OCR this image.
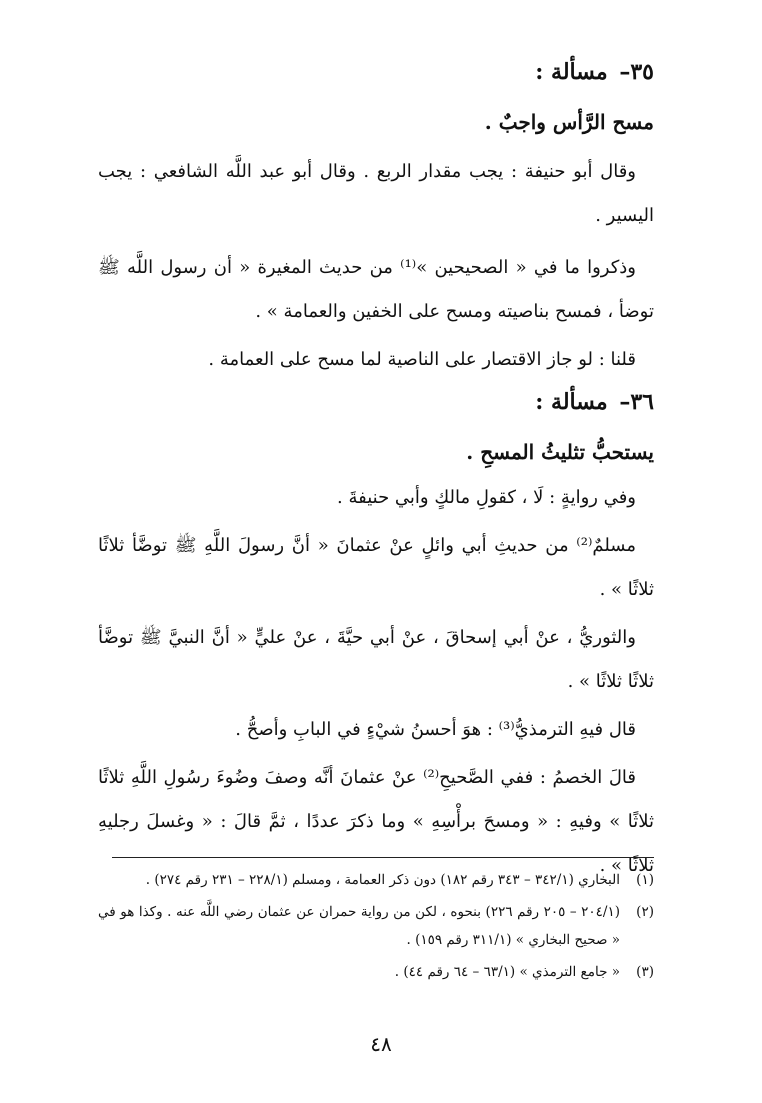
٣٥– مسألة :
مسح الرَّأس واجبٌ .

وقال أبو حنيفة : يجب مقدار الربع . وقال أبو عبد اللَّه الشافعي : يجب اليسير .

وذكروا ما في « الصحيحين »⁽¹⁾ من حديث المغيرة « أن رسول اللَّه ﷺ توضأ ، فمسح بناصيته ومسح على الخفين والعمامة » .

قلنا : لو جاز الاقتصار على الناصية لما مسح على العمامة .

٣٦– مسألة :
يستحبُّ تثليثُ المسحِ .

وفي روايةٍ : لَا ، كقولِ مالكٍ وأبي حنيفةَ .

مسلمٌ⁽²⁾ من حديثِ أبي وائلٍ عنْ عثمانَ « أنَّ رسولَ اللَّهِ ﷺ توضَّأ ثلاثًا ثلاثًا » .

والثوريُّ ، عنْ أبي إسحاقَ ، عنْ أبي حيَّةَ ، عنْ عليٍّ « أنَّ النبيَّ ﷺ توضَّأ ثلاثًا ثلاثًا » .

قال فيهِ الترمذيُّ⁽³⁾ : هوَ أحسنُ شيْءٍ في البابِ وأصحُّ .

قالَ الخصمُ : ففي الصَّحيحِ⁽²⁾ عنْ عثمانَ أنَّه وصفَ وضُوءَ رسُولِ اللَّهِ ثلاثًا ثلاثًا » وفيهِ : « ومسحَ برأْسِهِ » وما ذكرَ عددًا ، ثمَّ قالَ : « وغسلَ رجليهِ ثلاثًا » .

(١)
البخاري (٣٤٢/١ – ٣٤٣ رقم ١٨٢) دون ذكر العمامة ، ومسلم (٢٢٨/١ – ٢٣١ رقم ٢٧٤) .
(٢)
(٢٠٤/١ – ٢٠٥ رقم ٢٢٦) بنحوه ، لكن من رواية حمران عن عثمان رضي اللَّه عنه . وكذا هو في « صحيح البخاري » (٣١١/١ رقم ١٥٩) .
(٣)
« جامع الترمذي » (٦٣/١ – ٦٤ رقم ٤٤) .
٤٨
